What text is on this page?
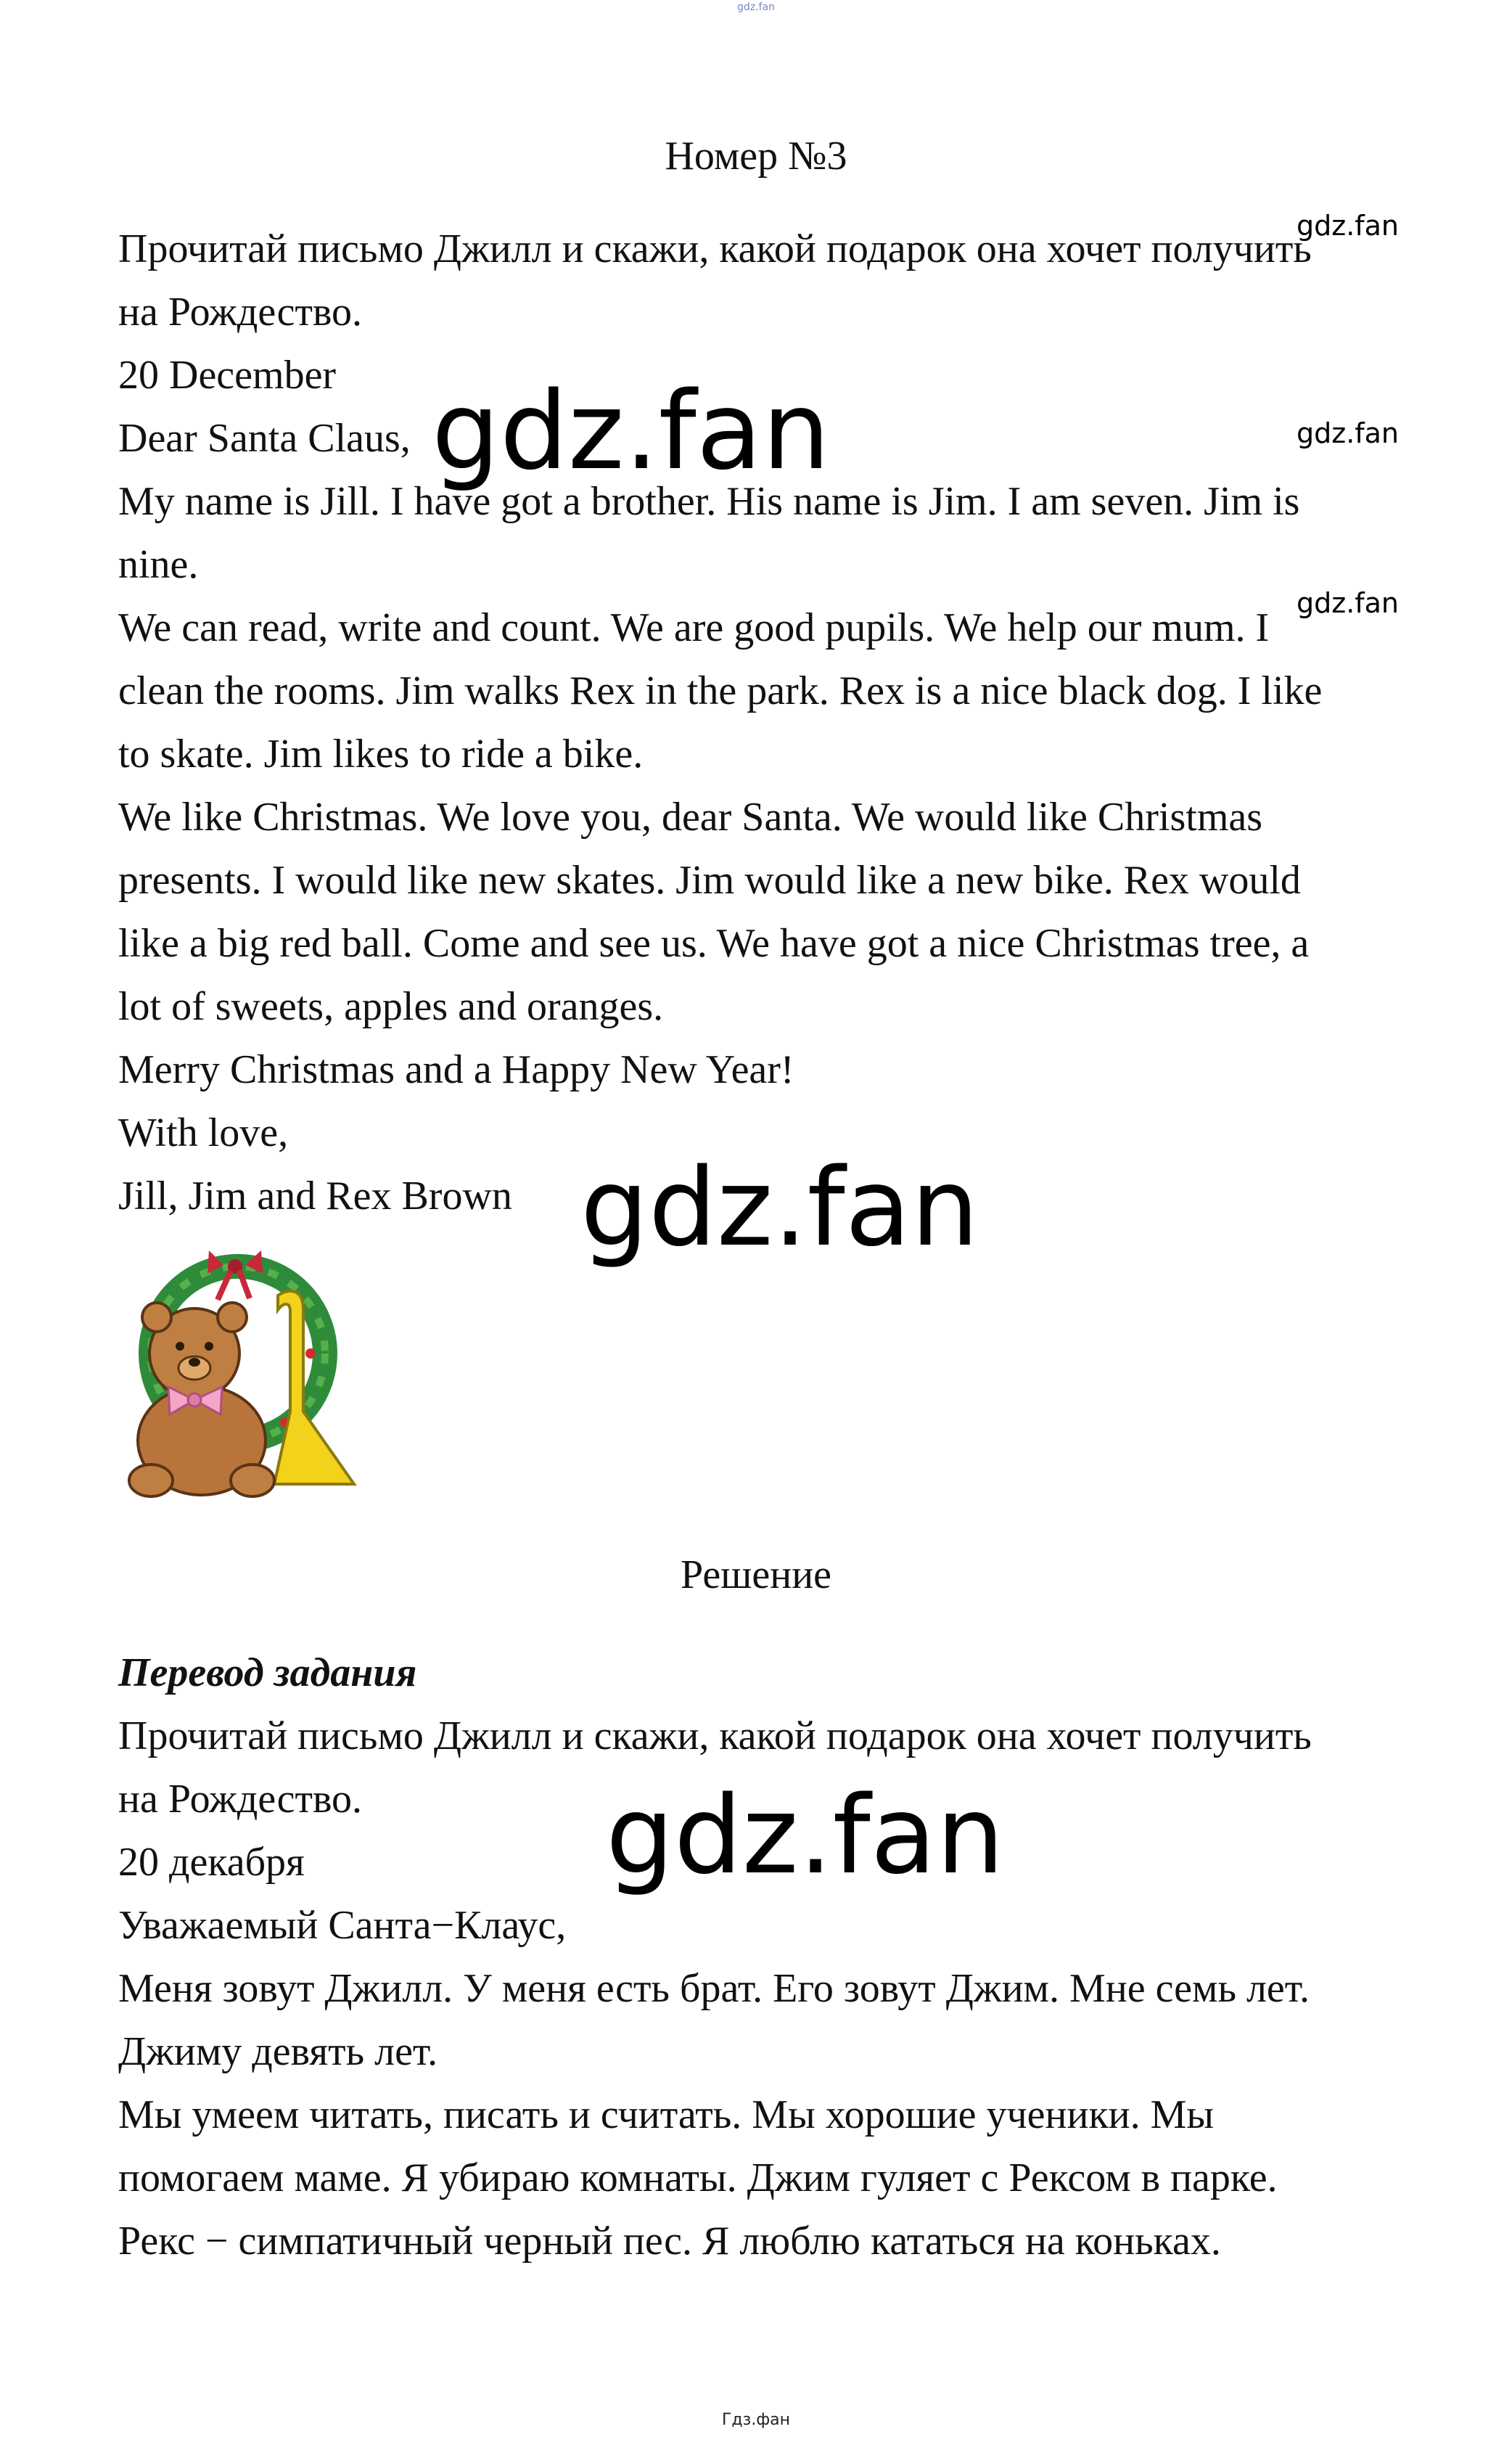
gdz.fan
Номер №3

Прочитай письмо Джилл и скажи, какой подарок она хочет получить

на Рождество.

20 December

Dear Santa Claus,

My name is Jill. I have got a brother. His name is Jim. I am seven. Jim is

nine.

We can read, write and count. We are good pupils. We help our mum. I

clean the rooms. Jim walks Rex in the park. Rex is a nice black dog. I like

to skate. Jim likes to ride a bike.

We like Christmas. We love you, dear Santa. We would like Christmas

presents. I would like new skates. Jim would like a new bike. Rex would

like a big red ball. Come and see us. We have got a nice Christmas tree, a

lot of sweets, apples and oranges.

Merry Christmas and a Happy New Year!

With love,

Jill, Jim and Rex Brown

gdz.fan
gdz.fan	gdz.fan
gdz.fan
gdz.fan
gdz.fan
Решение

Перевод задания

Прочитай письмо Джилл и скажи, какой подарок она хочет получить

на Рождество.

20 декабря

Уважаемый Санта−Клаус,

Меня зовут Джилл. У меня есть брат. Его зовут Джим. Мне семь лет.

Джиму девять лет.

Мы умеем читать, писать и считать. Мы хорошие ученики. Мы

помогаем маме. Я убираю комнаты. Джим гуляет с Рексом в парке.

Рекс − симпатичный черный пес. Я люблю кататься на коньках.

Гдз.фан
